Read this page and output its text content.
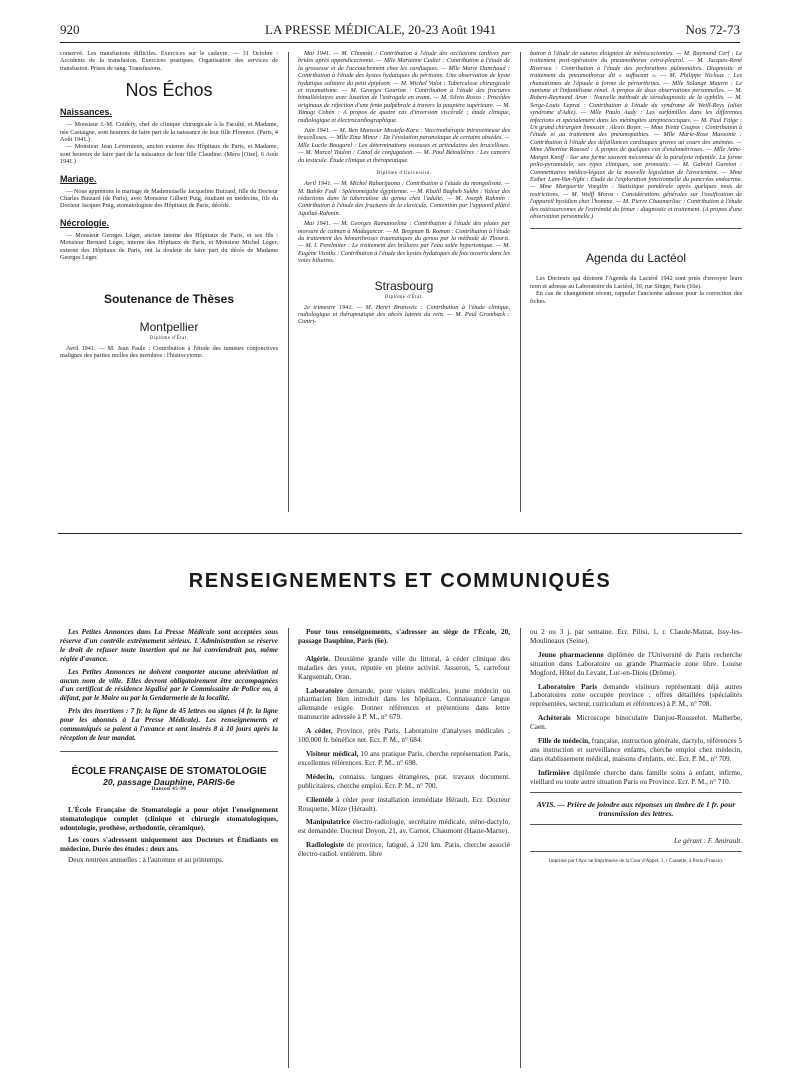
920	LA PRESSE MÉDICALE, 20-23 Août 1941	Nos 72-73

conservé. Les transfusions difficiles. Exercices sur le cadavre. — 31 Octobre : Accidents de la transfusion. Exercices pratiques. Organisation des services de transfusion. Prises de sang. Transfusions.

Nos Échos

Naissances.

— Monsieur J.-M. Coldefy, chef de clinique chirurgicale à la Faculté, et Madame, née Castaigne, sont heureux de faire part de la naissance de leur fille Florence. (Paris, 4 Août 1941.)

— Monsieur Jean Levernieux, ancien externe des Hôpitaux de Paris, et Madame, sont heureux de faire part de la naissance de leur fille Claudine. (Méru [Oise], 6 Août 1941.)

Mariage.

— Nous apprenons le mariage de Mademoiselle Jacqueline Buizard, fille du Docteur Charles Buizard (de Paris), avec Monsieur Gilbert Puig, étudiant en médecine, fils du Docteur Jacques Puig, stomatologiste des Hôpitaux de Paris, décédé.

Nécrologie.

— Monsieur Georges Léger, ancien interne des Hôpitaux de Paris, et ses fils : Monsieur Bernard Léger, interne des Hôpitaux de Paris, et Monsieur Michel Léger, externe des Hôpitaux de Paris, ont la douleur de faire part du décès de Madame Georges Léger.

Soutenance de Thèses

Montpellier

Diplôme d'État.

Avril 1941. — M. Jean Paule : Contribution à l'étude des tumeurs conjonctives malignes des parties molles des membres : l'histiocytome.

Mai 1941. — M. Chomski : Contribution à l'étude des occlusions tardives par brides après appendicectomie. — Mlle Marianne Cadier : Contribution à l'étude de la grossesse et de l'accouchement chez les cardiaques. — Mlle Marie Danchaud : Contribution à l'étude des kystes hydatiques du péritoine. Une observation de kyste hydatique solitaire du petit épiploon. — M. Michel Valot : Tuberculose chirurgicale et traumatisme. — M. Georges Gourion : Contribution à l'étude des fractures bimalléolaires avec luxation de l'astragale en avant. — M. Silvio Rosso : Procédés originaux de réfection d'une fente palpébrale à travers la paupière supérieure. — M. Yanugi Cohen : A propos de quatre cas d'inversion viscérale ; étude clinique, radiologique et électrocardiographique.

Juin 1941. — M. Ben Mansour Mostefa-Kara : Vaccinothérapie intraveineuse des brucelloses. — Mlle Zina Minor : De l'évolution paranoïaque de certains obsédés. — Mlle Lucile Bougarel : Les déterminations osseuses et articulaires des brucelloses. — M. Marcel Toulon : Canal de conjugaison. — M. Paul Bétoulières : Les cancers du testicule. Étude clinique et thérapeutique.

Diplôme d'Université.

Avril 1941. — M. Michel Rabarijaona : Contribution à l'étude du mongolisme. — M. Babikr Fadl : Splénomégalie égyptienne. — M. Khalil Bagheb Sukhn : Valeur des réductions dans la tuberculose du genou chez l'adulte. — M. Joseph Rahmin : Contribution à l'étude des fractures de la clavicule. Contention par l'appareil plâtré Aquilué-Rahmin.

Mai 1941. — M. Georges Ramanoelina : Contribution à l'étude des plaies par morsure de caïman à Madagascar. — M. Bregman B. Roman : Contribution à l'étude du traitement des hémarthroses traumatiques du genou par la méthode de Thooris. — M. I. Perelmiter : Le traitement des brûlures par l'eau salée hypertonique. — M. Eugène Visniks : Contribution à l'étude des kystes hydatiques du foie ouverts dans les voies biliaires.

Strasbourg

Diplôme d'État.

2e trimestre 1941. — M. Henri Brunswic : Contribution à l'étude clinique, radiologique et thérapeutique des abcès latents du rein. — M. Paul Gromback : Contri-

bution à l'étude de sutures éloignées de méniscectomies. — M. Raymond Cerf : Le traitement post-opératoire du pneumothorax extra-pleural. — M. Jacques-René Riverseu : Contribution à l'étude des perforations pulmonaires. Diagnostic et traitement du pneumothorax dit « suffocant ». — M. Philippe Nicloux : Les rhumatismes de l'épaule à forme de périarthrites. — Mlle Solange Maurin : Le nanisme et l'infantilisme rénal. A propos de deux observations personnelles. — M. Robert-Raymond Aron : Nouvelle méthode de sérodiagnostic de la syphilis. — M. Serge-Louis Leprat : Contribution à l'étude du syndrome de Weill-Reys (alias syndrome d'Adie). — Mlle Paulo Audy : Les surfamilles dans les différentes infections et spécialement dans les méningites streptococciques. — M. Paul Faige : Un grand chirurgien limousin : Alexis Boyer. — Mme Yvette Coupos : Contribution à l'étude et au traitement des pneumopathies. — Mlle Marie-Rose Massonie : Contribution à l'étude des défaillances cardiaques graves au cours des anémies. — Mme Albertine Roussel : A propos de quelques cas d'endométrioses. — Mlle Anne-Margot Knoff : Sur une forme souvent méconnue de la paralysie infantile. La forme polio-pyramidale, ses types cliniques, son pronostic. — M. Gabriel Gareton : Commentaires médico-légaux de la nouvelle législation de l'avortement. — Mme Esther Lam-Van-Nghi : Étude de l'exploration fonctionnelle du pancréas endocrine. — Mme Marguerite Voegtlin : Statistique pondérale après quelques mois de restrictions. — M. Wolff Moros : Considérations générales sur l'ossification de l'appareil hyoïdien chez l'homme. — M. Pierre Chaumerliac : Contribution à l'étude des ostéosarcomes de l'extrémité du fémur : diagnostic et traitement. (A propos d'une observation personnelle.)

Agenda du Lactéol

Les Docteurs qui désirent l'Agenda du Lactéol 1942 sont priés d'envoyer leurs nom et adresse au Laboratoire du Lactéol, 30, rue Singer, Paris (16e).

En cas de changement récent, rappeler l'ancienne adresse pour la correction des fiches.

RENSEIGNEMENTS ET COMMUNIQUÉS

Les Petites Annonces dans La Presse Médicale sont acceptées sous réserve d'un contrôle extrêmement sérieux. L'Administration se réserve le droit de refuser toute insertion qui ne lui conviendrait pas, même réglée d'avance.

Les Petites Annonces ne doivent comporter aucune abréviation ni aucun nom de ville. Elles devront obligatoirement être accompagnées d'un certificat de résidence légalisé par le Commissaire de Police ou, à défaut, par le Maire ou par la Gendarmerie de la localité.

Prix des insertions : 7 fr. la ligne de 45 lettres ou signes (4 fr. la ligne pour les abonnés à La Presse Médicale). Les renseignements et communiqués se paient à l'avance et sont insérés 8 à 10 jours après la réception de leur mandat.

ÉCOLE FRANÇAISE DE STOMATOLOGIE

20, passage Dauphine, PARIS-6e

Danton 45-90

L'École Française de Stomatologie a pour objet l'enseignement stomatologique complet (clinique et chirurgie stomatologiques, odontologie, prothèse, orthodontie, céramique).

Les cours s'adressent uniquement aux Docteurs et Étudiants en médecine. Durée des études : deux ans.

Deux rentrées annuelles : à l'automne et au printemps.

Pour tous renseignements, s'adresser au siège de l'École, 20, passage Dauphine, Paris (6e).

Algérie. Deuxième grande ville du littoral, à céder clinique des maladies des yeux, réputée en pleine activité. Jasseron, 5, carrefour Karguentah, Oran.

Laboratoire demande, pour visites médicales, jeune médecin ou pharmacien bien introduit dans les hôpitaux. Connaissance langue allemande exigée. Donner références et prétentions dans lettre manuscrite adressée à P. M., n° 679.

A céder, Province, près Paris, Laboratoire d'analyses médicales ; 100.000 fr. bénéfice net. Ecr. P. M., n° 684.

Visiteur médical, 10 ans pratique Paris, cherche représentation Paris, excellentes références. Ecr. P. M., n° 698.

Médecin, connaiss. langues étrangères, prat. travaux document. publicitaires, cherche emploi. Ecr. P. M., n° 700.

Clientèle à céder pour installation immédiate Hérault. Ecr. Docteur Rouquette, Mèze (Hérault).

Manipulatrice électro-radiologie, secrétaire médicale, sténo-dactylo, est demandée. Docteur Doyon, 21, av. Carnot, Chaumont (Haute-Marne).

Radiologiste de province, fatigué, à 120 km. Paris, cherche associé électro-radiol. entièrem. libre

ou 2 ou 3 j. par semaine. Ecr. Pilisi, 1, r. Claude-Matrat, Issy-les-Moulineaux (Seine).

Jeune pharmacienne diplômée de l'Université de Paris recherche situation dans Laboratoire ou grande Pharmacie zone libre. Louise Mogford, Hôtel du Levant, Luc-en-Diois (Drôme).

Laboratoire Paris demande visiteurs représentant déjà autres Laboratoires zone occupée province ; offres détaillées (spécialités représentées, secteur, curriculum et références) à P. M., n° 708.

Achèterais Microscope binoculaire Danjou-Rousselot. Malherbe, Caen.

Fille de médecin, française, instruction générale, dactylo, références 5 ans instruction et surveillance enfants, cherche emploi chez médecin, dans établissement médical, maisons d'enfants, etc. Ecr. P. M., n° 709.

Infirmière diplômée cherche dans famille soins à enfant, infirme, vieillard ou toute autre situation Paris ou Province. Ecr. P. M., n° 710.

AVIS. — Prière de joindre aux réponses un timbre de 1 fr. pour transmission des lettres.

Le gérant : F. Amirault.

Imprimé par l'Anc ne Imprimerie de la Cour d'Appel, 1, r Cassette, à Paris (France).
